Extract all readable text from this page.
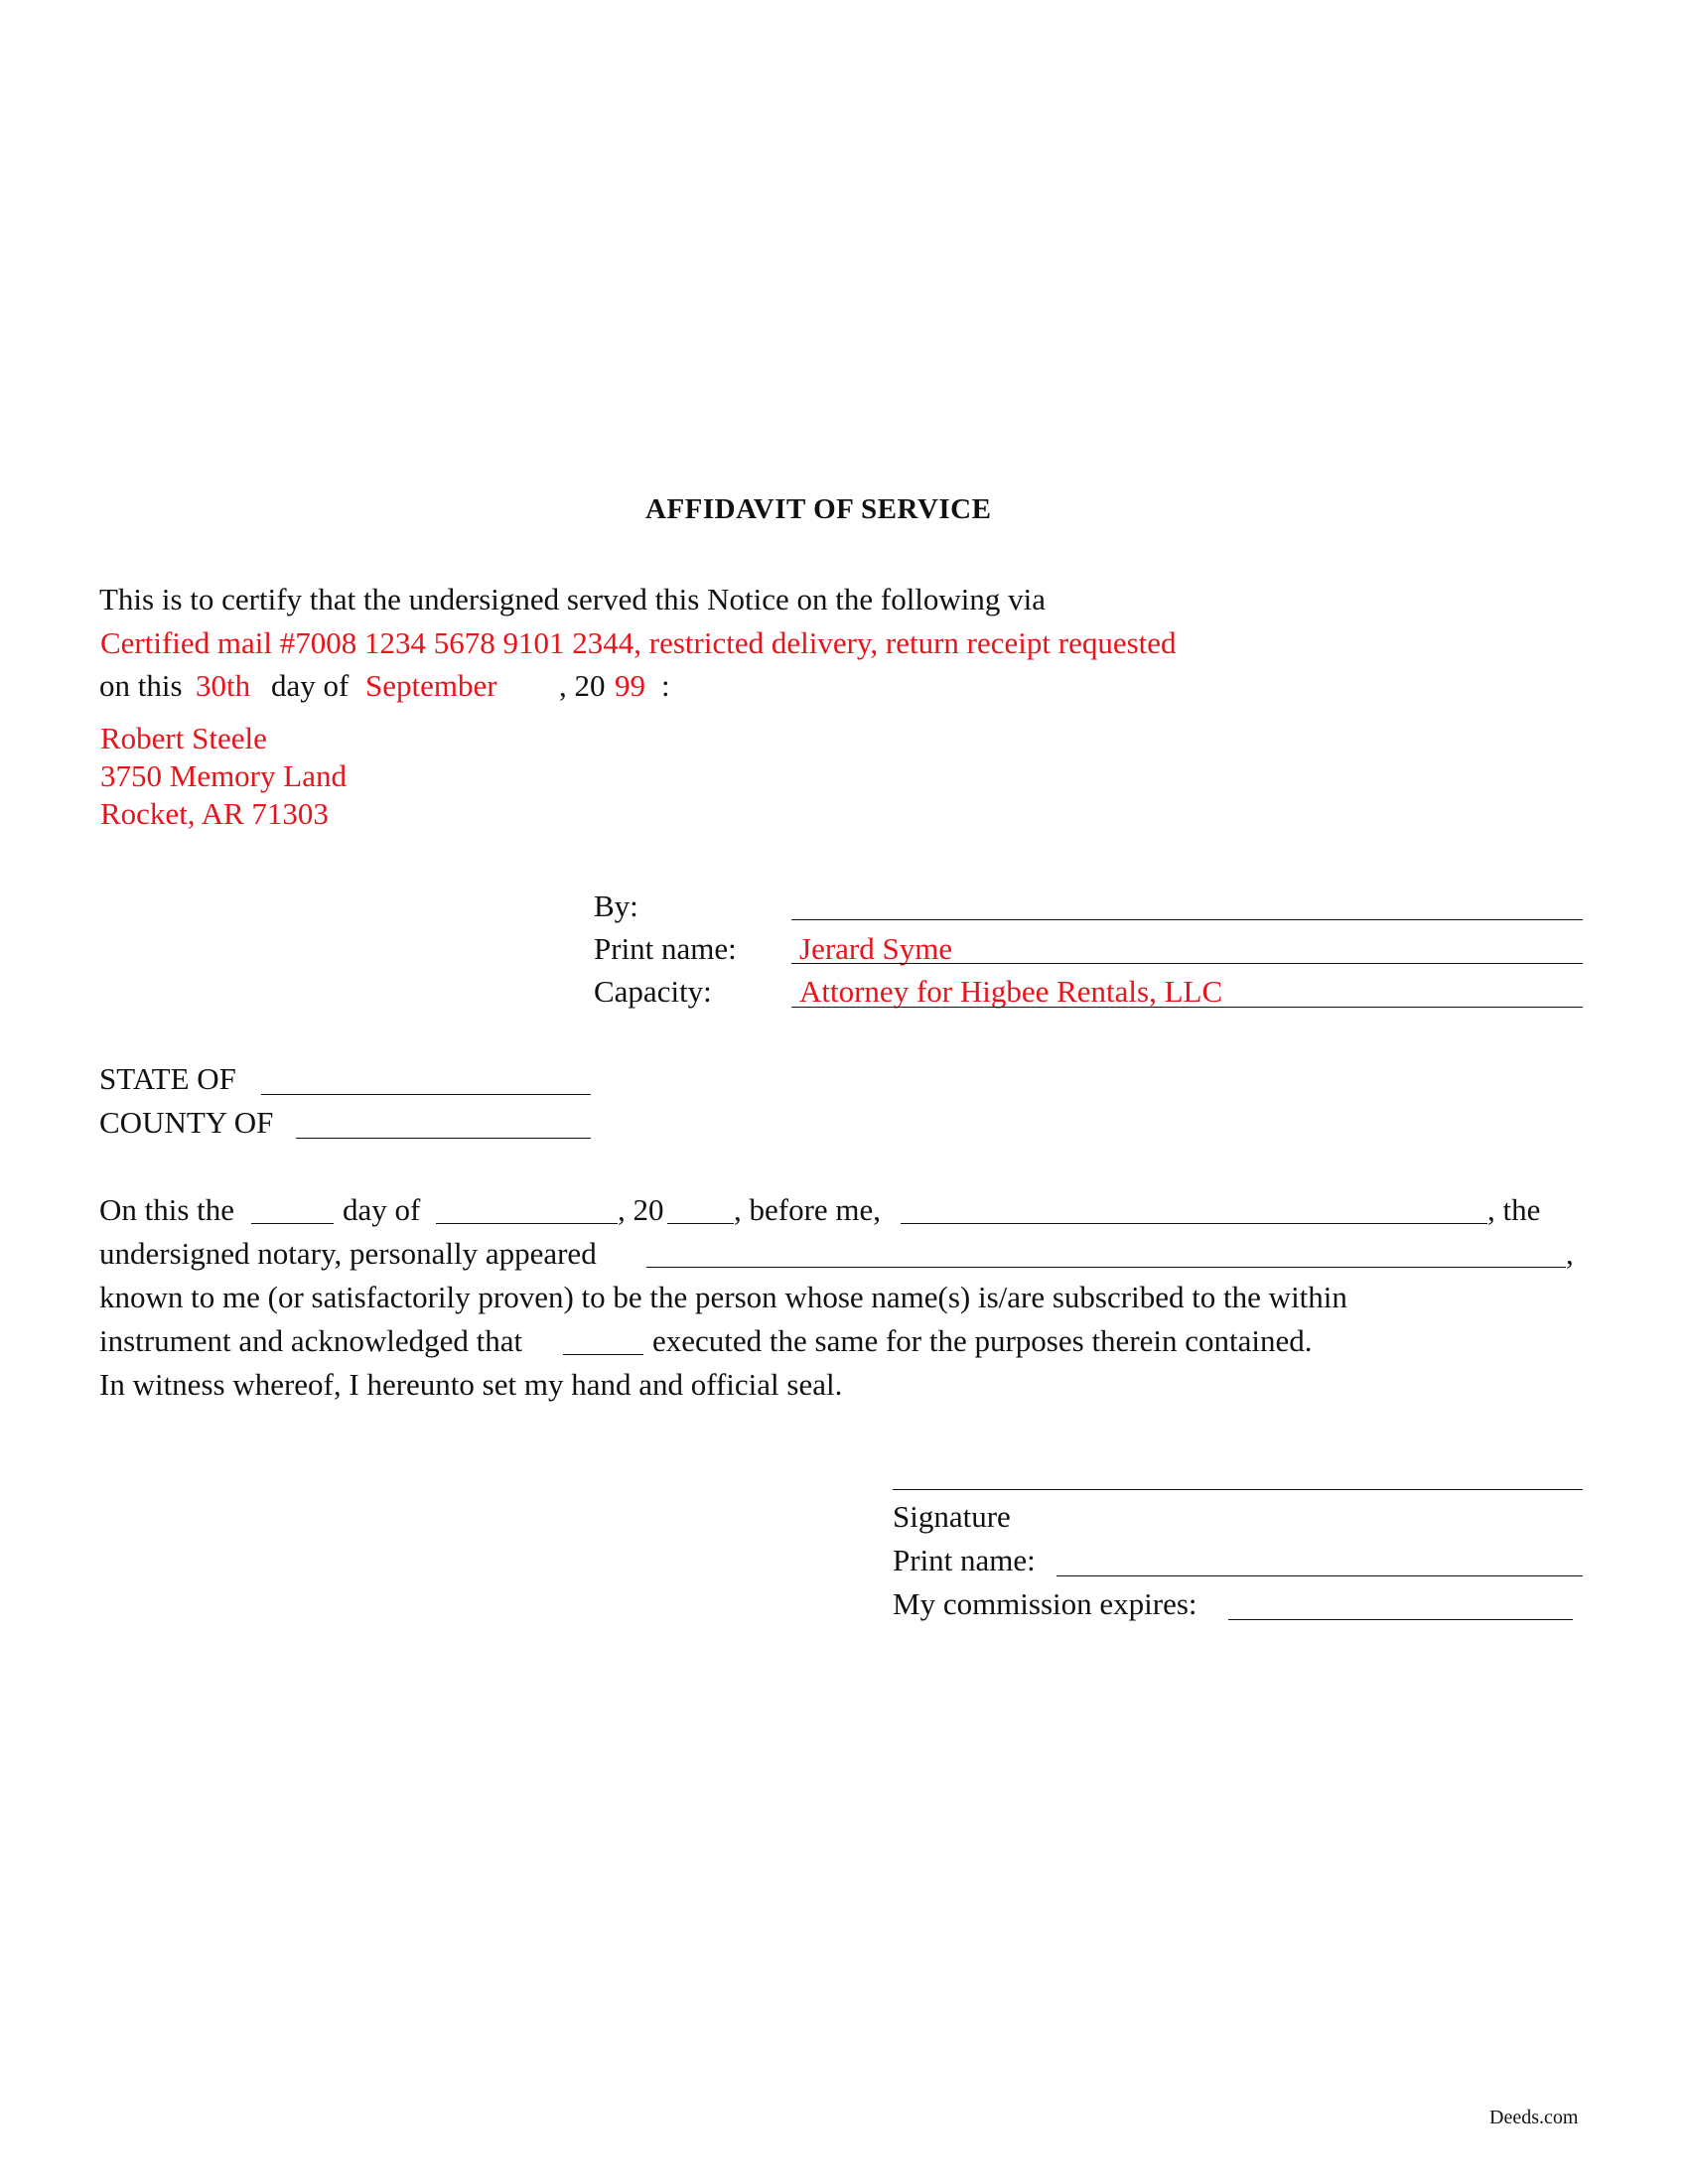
AFFIDAVIT OF SERVICE
This is to certify that the undersigned served this Notice on the following via
Certified mail #7008 1234 5678 9101 2344, restricted delivery, return receipt requested
on this 30th day of September , 20 99 :
Robert Steele
3750 Memory Land
Rocket, AR 71303
By:
Print name: Jerard Syme
Capacity:	Attorney for Higbee Rentals, LLC
STATE OF
COUNTY OF
On this the	day of	, 20 , before me,	, the
undersigned notary, personally appeared	,
known to me (or satisfactorily proven) to be the person whose name(s) is/are subscribed to the within
instrument and acknowledged that	executed the same for the purposes therein contained.
In witness whereof, I hereunto set my hand and official seal.
Signature
Print name:
My commission expires:
Deeds.com
